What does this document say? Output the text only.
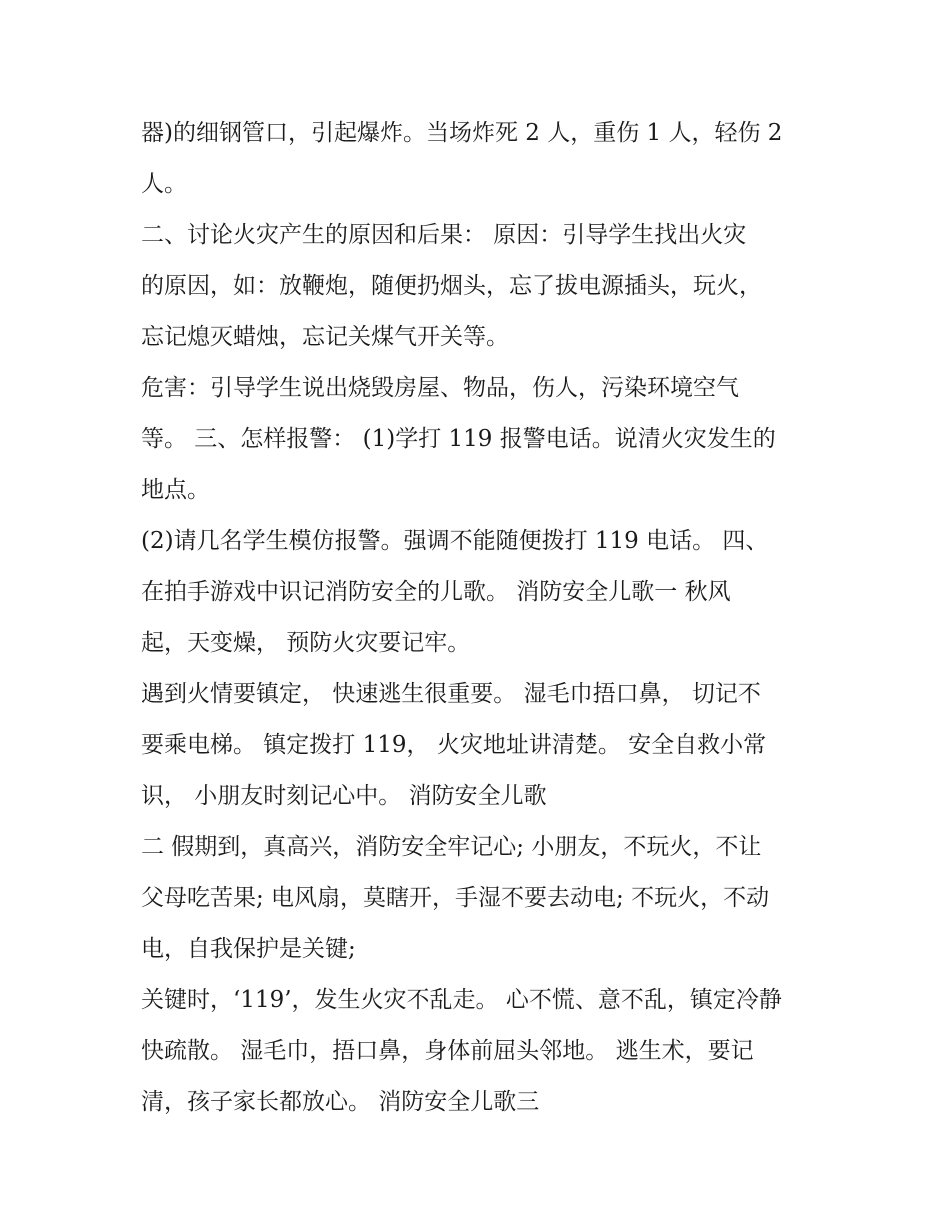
器)的细钢管口，引起爆炸。当场炸死 2 人，重伤 1 人，轻伤 2
人。
二、讨论火灾产生的原因和后果： 原因：引导学生找出火灾
的原因，如：放鞭炮，随便扔烟头，忘了拔电源插头，玩火，
忘记熄灭蜡烛，忘记关煤气开关等。
危害：引导学生说出烧毁房屋、物品，伤人，污染环境空气
等。 三、怎样报警： (1)学打 119 报警电话。说清火灾发生的
地点。
(2)请几名学生模仿报警。强调不能随便拨打 119 电话。 四、
在拍手游戏中识记消防安全的儿歌。 消防安全儿歌一 秋风
起，天变燥， 预防火灾要记牢。
遇到火情要镇定， 快速逃生很重要。 湿毛巾捂口鼻， 切记不
要乘电梯。 镇定拨打 119， 火灾地址讲清楚。 安全自救小常
识， 小朋友时刻记心中。 消防安全儿歌
二 假期到，真高兴，消防安全牢记心; 小朋友，不玩火，不让
父母吃苦果; 电风扇，莫瞎开，手湿不要去动电; 不玩火，不动
电，自我保护是关键;
关键时，‘119’，发生火灾不乱走。 心不慌、意不乱，镇定冷静
快疏散。 湿毛巾，捂口鼻，身体前屈头邻地。 逃生术，要记
清，孩子家长都放心。 消防安全儿歌三
